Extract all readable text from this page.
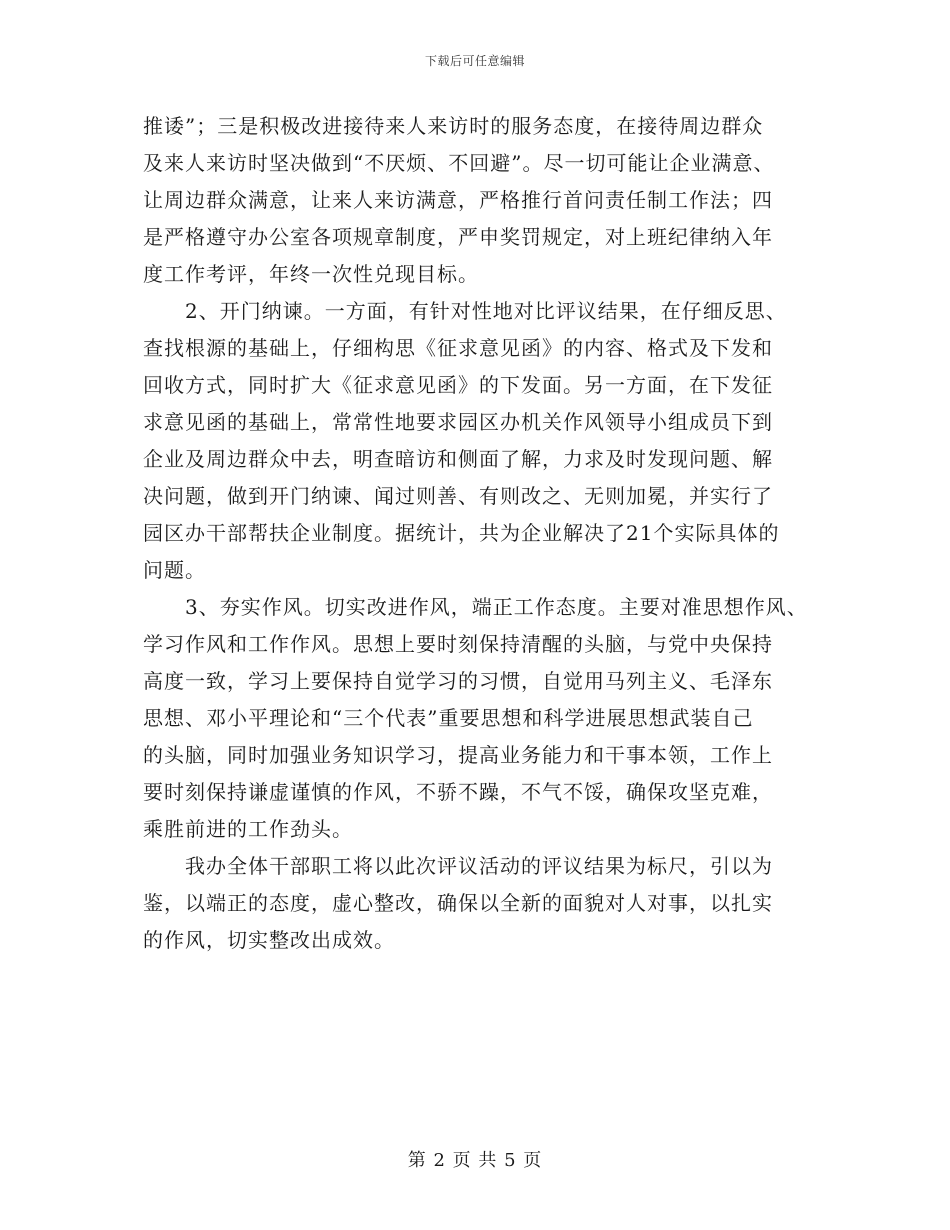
下载后可任意编辑
推诿”；三是积极改进接待来人来访时的服务态度，在接待周边群众
及来人来访时坚决做到“不厌烦、不回避”。尽一切可能让企业满意、
让周边群众满意，让来人来访满意，严格推行首问责任制工作法；四
是严格遵守办公室各项规章制度，严申奖罚规定，对上班纪律纳入年
度工作考评，年终一次性兑现目标。
2、开门纳谏。一方面，有针对性地对比评议结果，在仔细反思、
查找根源的基础上，仔细构思《征求意见函》的内容、格式及下发和
回收方式，同时扩大《征求意见函》的下发面。另一方面，在下发征
求意见函的基础上，常常性地要求园区办机关作风领导小组成员下到
企业及周边群众中去，明查暗访和侧面了解，力求及时发现问题、解
决问题，做到开门纳谏、闻过则善、有则改之、无则加冕，并实行了
园区办干部帮扶企业制度。据统计，共为企业解决了21个实际具体的
问题。
3、夯实作风。切实改进作风，端正工作态度。主要对准思想作风、
学习作风和工作作风。思想上要时刻保持清醒的头脑，与党中央保持
高度一致，学习上要保持自觉学习的习惯，自觉用马列主义、毛泽东
思想、邓小平理论和“三个代表”重要思想和科学进展思想武装自己
的头脑，同时加强业务知识学习，提高业务能力和干事本领，工作上
要时刻保持谦虚谨慎的作风，不骄不躁，不气不馁，确保攻坚克难，
乘胜前进的工作劲头。
我办全体干部职工将以此次评议活动的评议结果为标尺，引以为
鉴，以端正的态度，虚心整改，确保以全新的面貌对人对事，以扎实
的作风，切实整改出成效。
第 2 页 共 5 页
